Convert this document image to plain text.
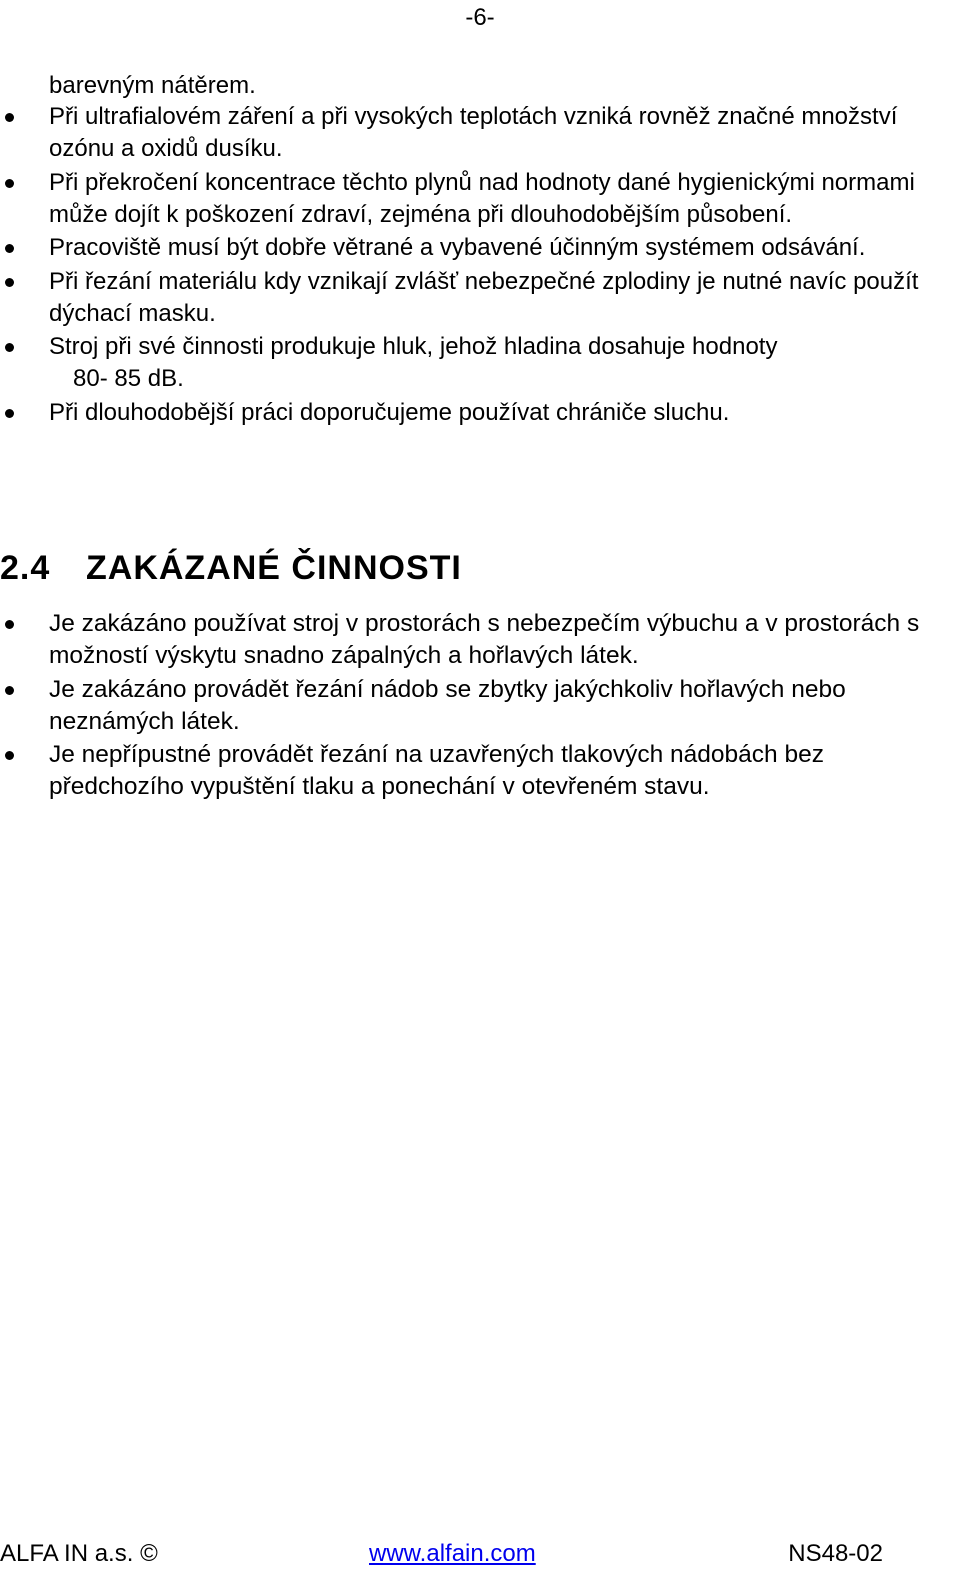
-6-

barevným nátěrem.

Při ultrafialovém záření a při vysokých teplotách vzniká rovněž značné množství ozónu a oxidů dusíku.
Při překročení koncentrace těchto plynů nad hodnoty dané hygienickými normami může dojít k poškození zdraví, zejména při dlouhodobějším působení.
Pracoviště musí být dobře větrané a vybavené účinným systémem odsávání.
Při řezání materiálu kdy vznikají zvlášť nebezpečné zplodiny je nutné navíc použít dýchací masku.
Stroj při své činnosti produkuje hluk, jehož hladina dosahuje hodnoty
80- 85 dB.
Při dlouhodobější práci doporučujeme používat chrániče sluchu.
2.4 ZAKÁZANÉ ČINNOSTI
Je zakázáno používat stroj v prostorách s nebezpečím výbuchu a v prostorách s možností výskytu snadno zápalných a hořlavých látek.
Je zakázáno provádět řezání nádob se zbytky jakýchkoliv hořlavých nebo neznámých látek.
Je nepřípustné provádět řezání na uzavřených tlakových nádobách bez předchozího vypuštění tlaku a ponechání v otevřeném stavu.
ALFA IN a.s. ©	www.alfain.com	NS48-02
